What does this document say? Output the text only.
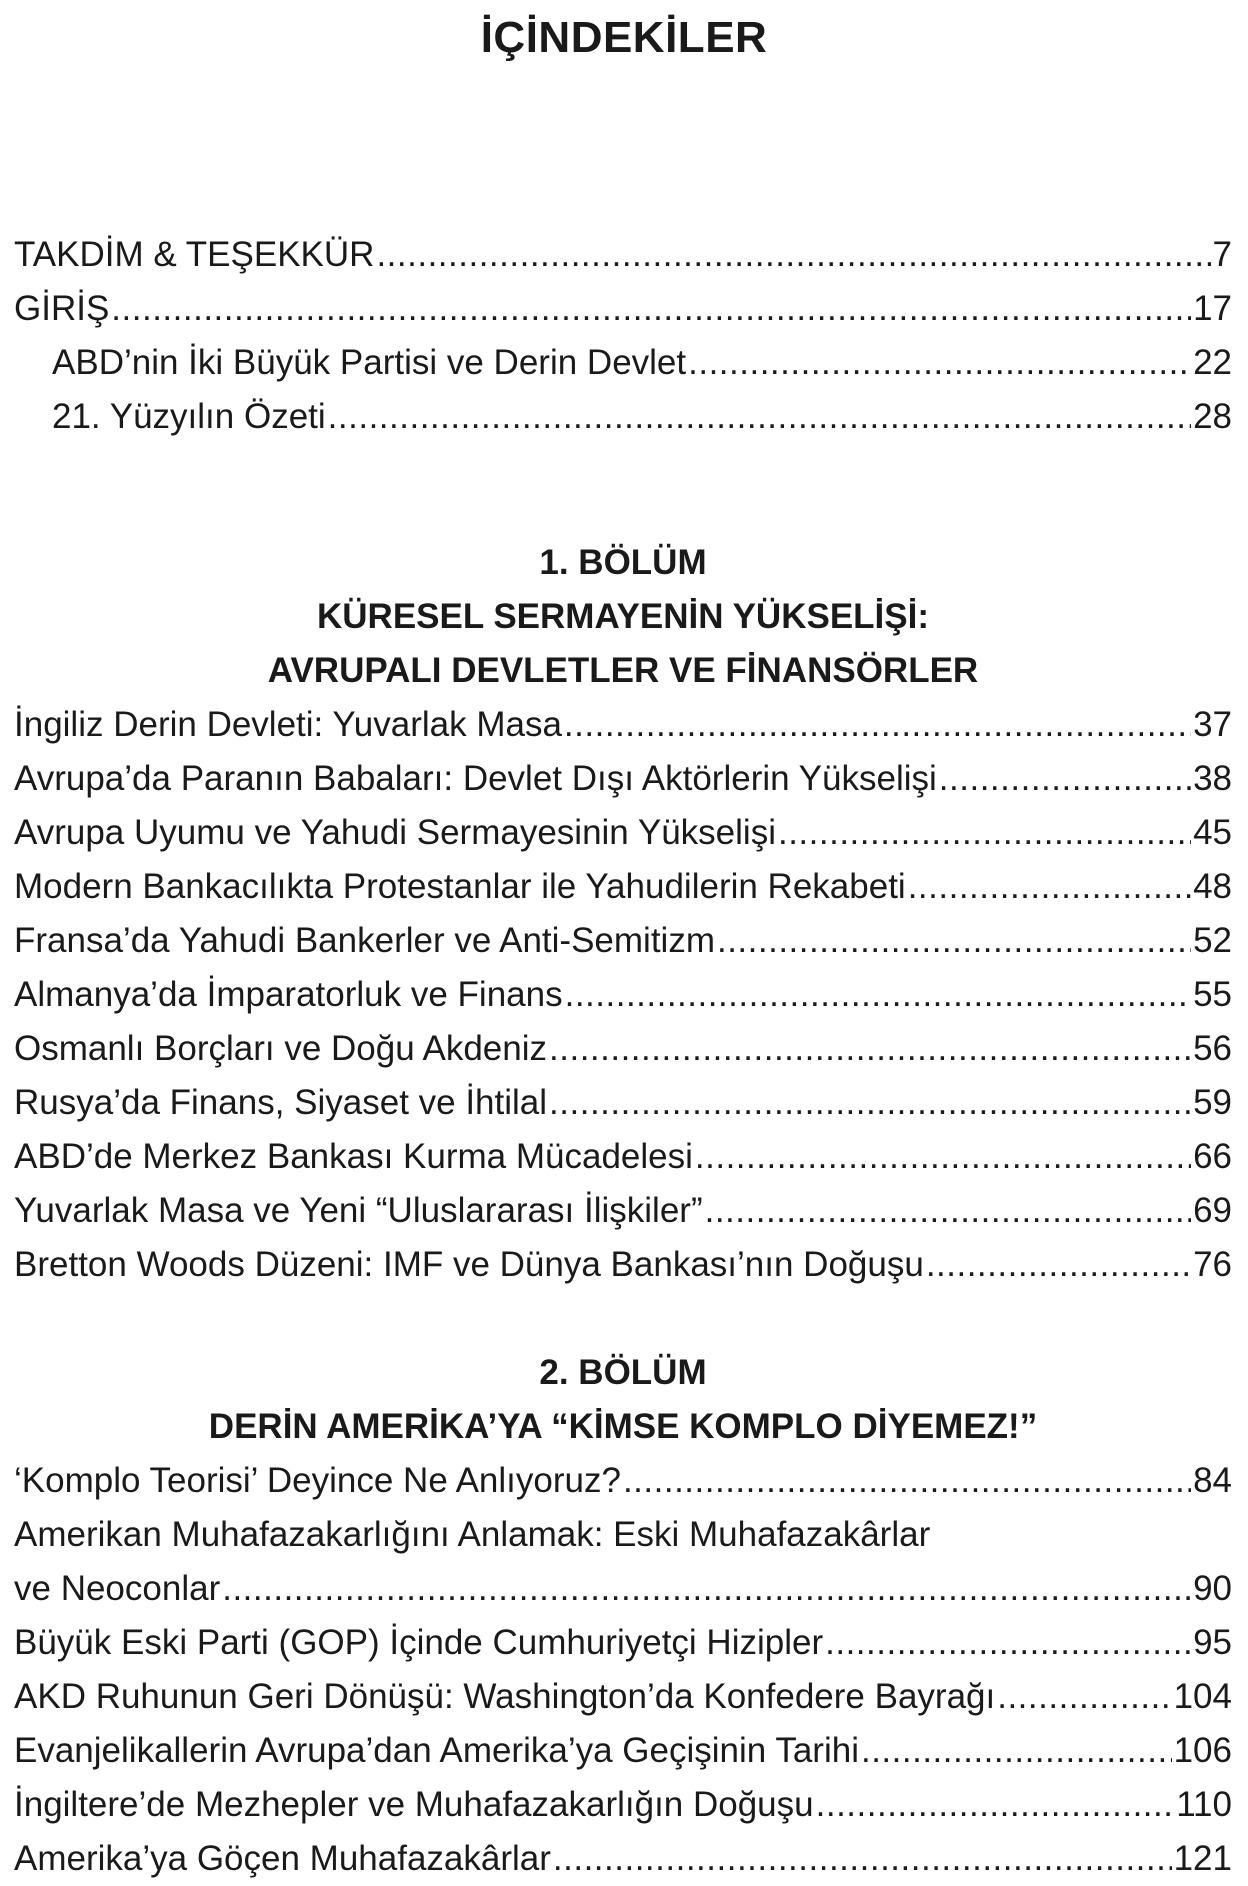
İÇİNDEKİLER
TAKDİM & TEŞEKKÜR .....	7
GİRİŞ .....	17
ABD’nin İki Büyük Partisi ve Derin Devlet .....	22
21. Yüzyılın Özeti .....	28
1. BÖLÜM
KÜRESEL SERMAYENİN YÜKSELİŞİ:
AVRUPALI DEVLETLER VE FİNANSÖRLER
İngiliz Derin Devleti: Yuvarlak Masa .....	37
Avrupa’da Paranın Babaları: Devlet Dışı Aktörlerin Yükselişi .....	38
Avrupa Uyumu ve Yahudi Sermayesinin Yükselişi .....	45
Modern Bankacılıkta Protestanlar ile Yahudilerin Rekabeti .....	48
Fransa’da Yahudi Bankerler ve Anti-Semitizm .....	52
Almanya’da İmparatorluk ve Finans .....	55
Osmanlı Borçları ve Doğu Akdeniz .....	56
Rusya’da Finans, Siyaset ve İhtilal .....	59
ABD’de Merkez Bankası Kurma Mücadelesi .....	66
Yuvarlak Masa ve Yeni “Uluslararası İlişkiler” .....	69
Bretton Woods Düzeni: IMF ve Dünya Bankası’nın Doğuşu .....	76
2. BÖLÜM
DERİN AMERİKA’YA “KİMSE KOMPLO DİYEMEZ!”
‘Komplo Teorisi’ Deyince Ne Anlıyoruz? .....	84
Amerikan Muhafazakarlığını Anlamak: Eski Muhafazakârlar
ve Neoconlar .....	90
Büyük Eski Parti (GOP) İçinde Cumhuriyetçi Hizipler .....	95
AKD Ruhunun Geri Dönüşü: Washington’da Konfedere Bayrağı .....	104
Evanjelikallerin Avrupa’dan Amerika’ya Geçişinin Tarihi .....	106
İngiltere’de Mezhepler ve Muhafazakarlığın Doğuşu .....	110
Amerika’ya Göçen Muhafazakârlar .....	121
